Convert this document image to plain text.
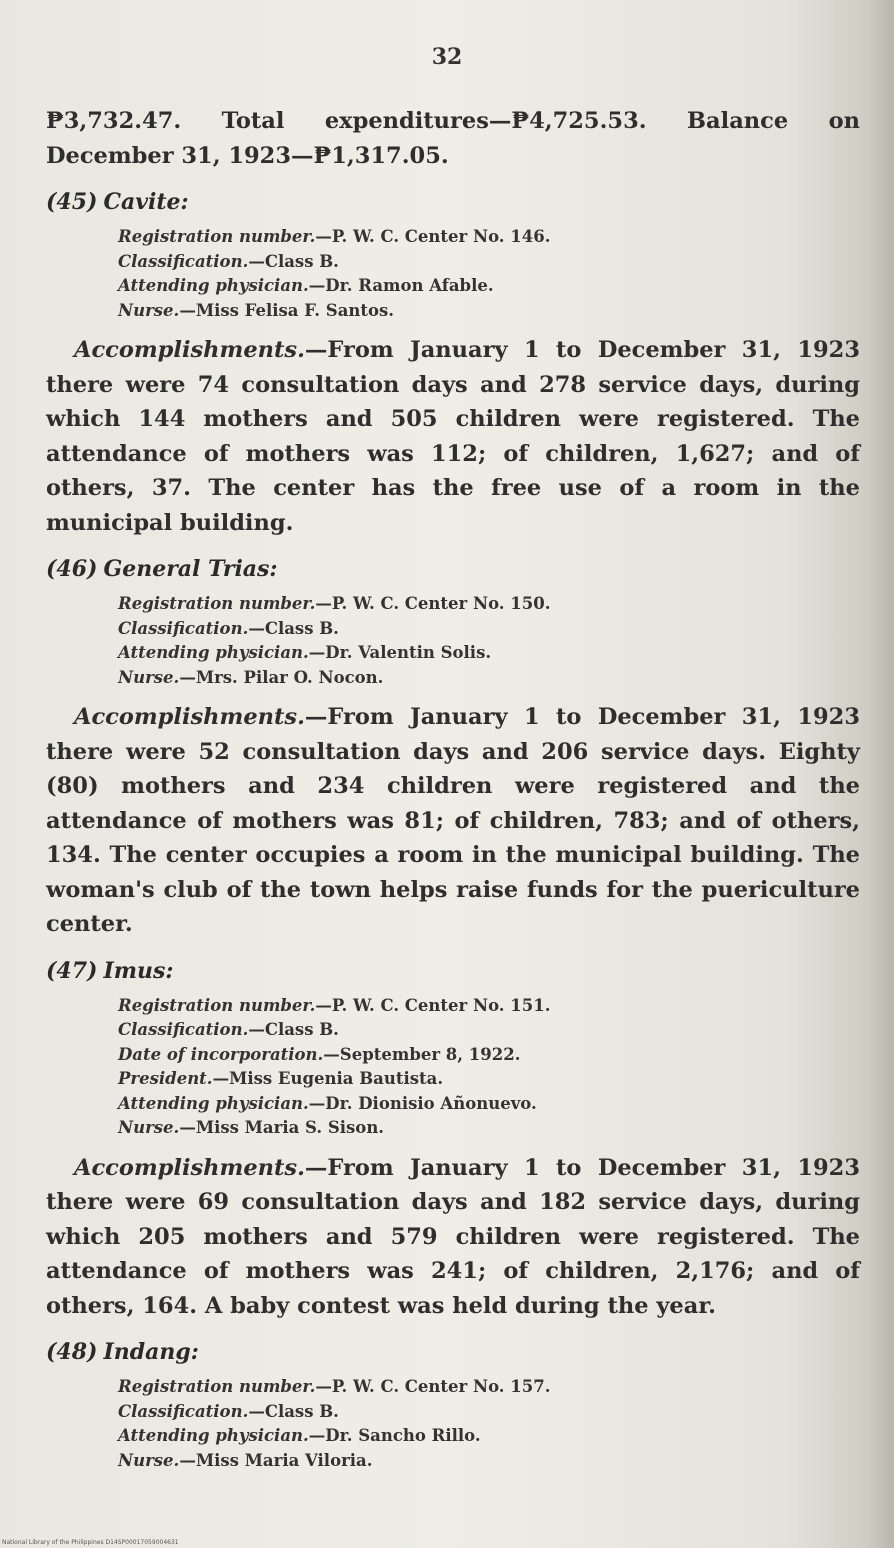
32

₱3,732.47. Total expenditures—₱4,725.53. Balance on December 31, 1923—₱1,317.05.

(45) Cavite:
Registration number.—P. W. C. Center No. 146.
Classification.—Class B.
Attending physician.—Dr. Ramon Afable.
Nurse.—Miss Felisa F. Santos.

Accomplishments.—From January 1 to December 31, 1923 there were 74 consultation days and 278 service days, during which 144 mothers and 505 children were registered. The attendance of mothers was 112; of children, 1,627; and of others, 37. The center has the free use of a room in the municipal building.

(46) General Trias:
Registration number.—P. W. C. Center No. 150.
Classification.—Class B.
Attending physician.—Dr. Valentin Solis.
Nurse.—Mrs. Pilar O. Nocon.

Accomplishments.—From January 1 to December 31, 1923 there were 52 consultation days and 206 service days. Eighty (80) mothers and 234 children were registered and the attendance of mothers was 81; of children, 783; and of others, 134. The center occupies a room in the municipal building. The woman's club of the town helps raise funds for the puericulture center.

(47) Imus:
Registration number.—P. W. C. Center No. 151.
Classification.—Class B.
Date of incorporation.—September 8, 1922.
President.—Miss Eugenia Bautista.
Attending physician.—Dr. Dionisio Añonuevo.
Nurse.—Miss Maria S. Sison.

Accomplishments.—From January 1 to December 31, 1923 there were 69 consultation days and 182 service days, during which 205 mothers and 579 children were registered. The attendance of mothers was 241; of children, 2,176; and of others, 164. A baby contest was held during the year.

(48) Indang:
Registration number.—P. W. C. Center No. 157.
Classification.—Class B.
Attending physician.—Dr. Sancho Rillo.
Nurse.—Miss Maria Viloria.
National Library of the Philippines D14SP00017059004631
